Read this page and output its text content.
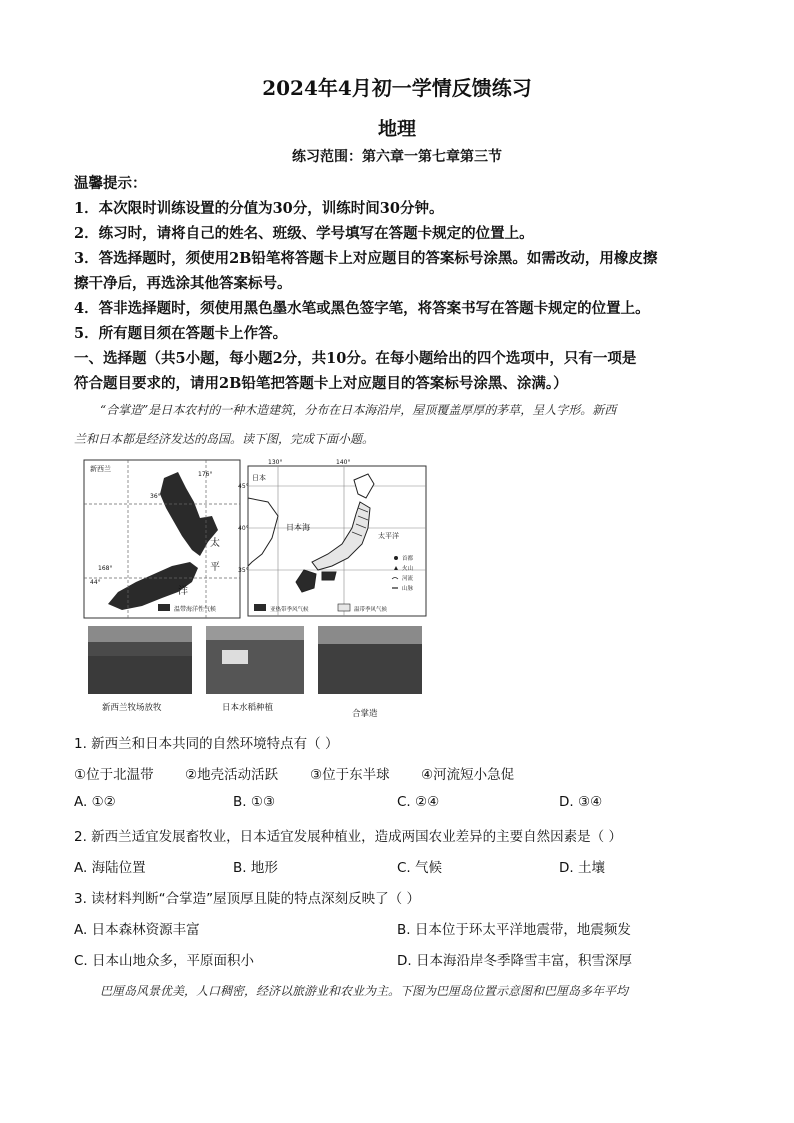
2024年4月初一学情反馈练习
地理
练习范围：第六章一第七章第三节
温馨提示：
1．本次限时训练设置的分值为30分，训练时间30分钟。
2．练习时，请将自己的姓名、班级、学号填写在答题卡规定的位置上。
3．答选择题时，须使用2B铅笔将答题卡上对应题目的答案标号涂黑。如需改动，用橡皮擦
擦干净后，再选涂其他答案标号。
4．答非选择题时，须使用黑色墨水笔或黑色签字笔，将答案书写在答题卡规定的位置上。
5．所有题目须在答题卡上作答。
一、选择题（共5小题，每小题2分，共10分。在每小题给出的四个选项中，只有一项是
符合题目要求的，请用2B铅笔把答题卡上对应题目的答案标号涂黑、涂满。）
“合掌造”是日本农村的一种木造建筑，分布在日本海沿岸，屋顶覆盖厚厚的茅草，呈人字形。新西
兰和日本都是经济发达的岛国。读下图，完成下面小题。
新西兰
36°
176°
44°
168°
太
平
洋
温带海洋性气候
日本
130°	140°
45°
40°
35°
日本海
太平洋
首都
火山
河流
山脉
亚热带季风气候	温带季风气候
新西兰牧场放牧	日本水稻种植
合掌造
1. 新西兰和日本共同的自然环境特点有（ ）
①位于北温带 ②地壳活动活跃 ③位于东半球 ④河流短小急促
A. ①②	B. ①③	C. ②④	D. ③④
2. 新西兰适宜发展畜牧业，日本适宜发展种植业，造成两国农业差异的主要自然因素是（ ）
A. 海陆位置	B. 地形	C. 气候	D. 土壤
3. 读材料判断“合掌造”屋顶厚且陡的特点深刻反映了（ ）
A. 日本森林资源丰富	B. 日本位于环太平洋地震带，地震频发
C. 日本山地众多，平原面积小	D. 日本海沿岸冬季降雪丰富，积雪深厚
巴厘岛风景优美，人口稠密，经济以旅游业和农业为主。下图为巴厘岛位置示意图和巴厘岛多年平均
